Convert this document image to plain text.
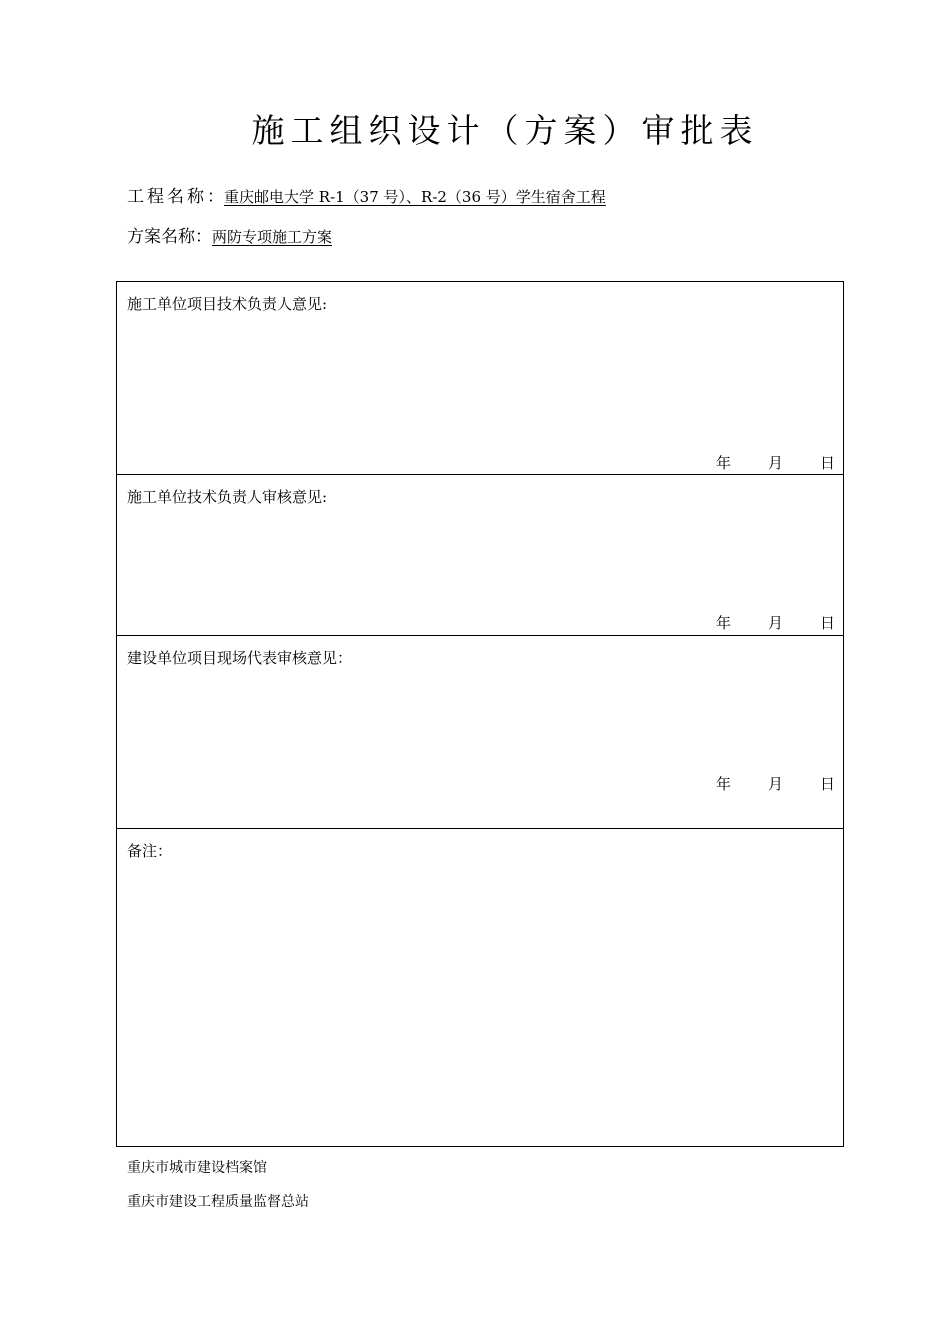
施工组织设计（方案）审批表
工程名称：重庆邮电大学 R-1（37 号）、R-2（36 号）学生宿舍工程
方案名称：两防专项施工方案
施工单位项目技术负责人意见:
年 月 日
施工单位技术负责人审核意见:
年 月 日
建设单位项目现场代表审核意见：
年 月 日
备注：
重庆市城市建设档案馆
重庆市建设工程质量监督总站
